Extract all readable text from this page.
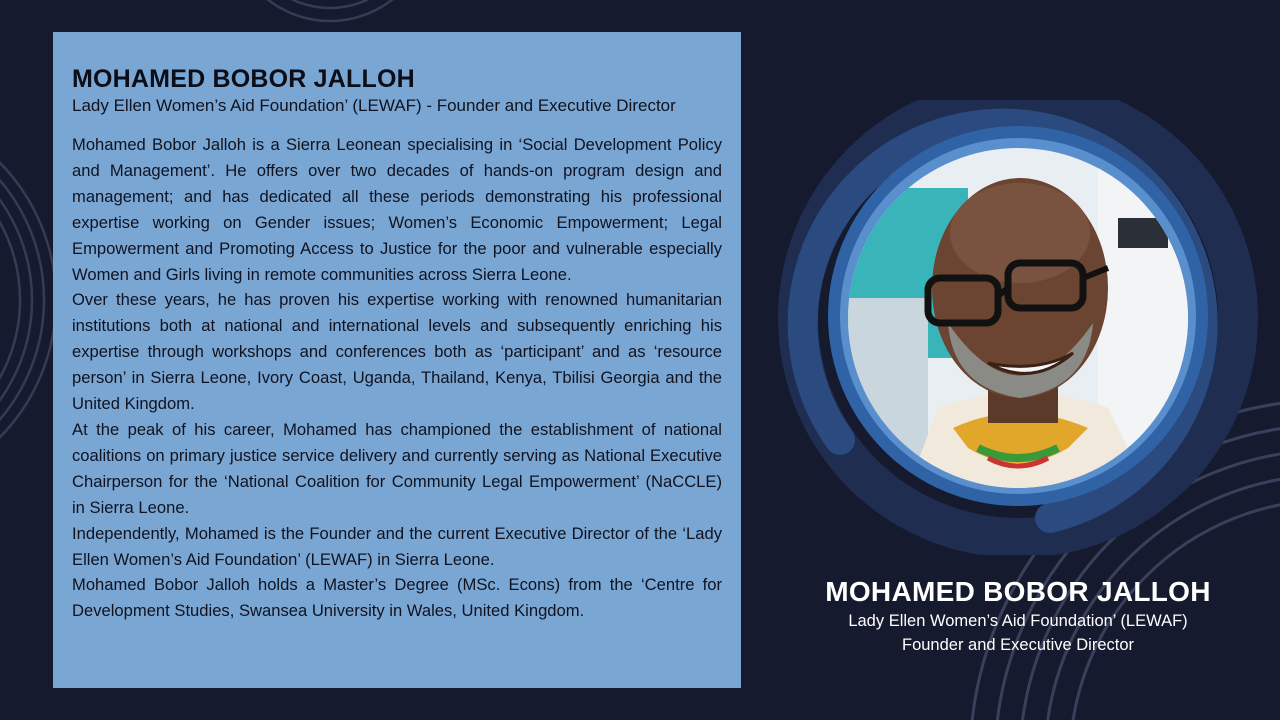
MOHAMED BOBOR JALLOH

Lady Ellen Women’s Aid Foundation’ (LEWAF) - Founder and Executive Director

Mohamed Bobor Jalloh is a Sierra Leonean specialising in ‘Social Development Policy and Management’. He offers over two decades of hands-on program design and management; and has dedicated all these periods demonstrating his professional expertise working on Gender issues; Women’s Economic Empowerment; Legal Empowerment and Promoting Access to Justice for the poor and vulnerable especially Women and Girls living in remote communities across Sierra Leone.

Over these years, he has proven his expertise working with renowned humanitarian institutions both at national and international levels and subsequently enriching his expertise through workshops and conferences both as ‘participant’ and as ‘resource person’ in Sierra Leone, Ivory Coast, Uganda, Thailand, Kenya, Tbilisi Georgia and the United Kingdom.

At the peak of his career, Mohamed has championed the establishment of national coalitions on primary justice service delivery and currently serving as National Executive Chairperson for the ‘National Coalition for Community Legal Empowerment’ (NaCCLE) in Sierra Leone.

Independently, Mohamed is the Founder and the current Executive Director of the ‘Lady Ellen Women’s Aid Foundation’ (LEWAF) in Sierra Leone.

Mohamed Bobor Jalloh holds a Master’s Degree (MSc. Econs) from the ‘Centre for Development Studies, Swansea University in Wales, United Kingdom.

MOHAMED BOBOR JALLOH
Lady Ellen Women’s Aid Foundation’ (LEWAF)
Founder and Executive Director
